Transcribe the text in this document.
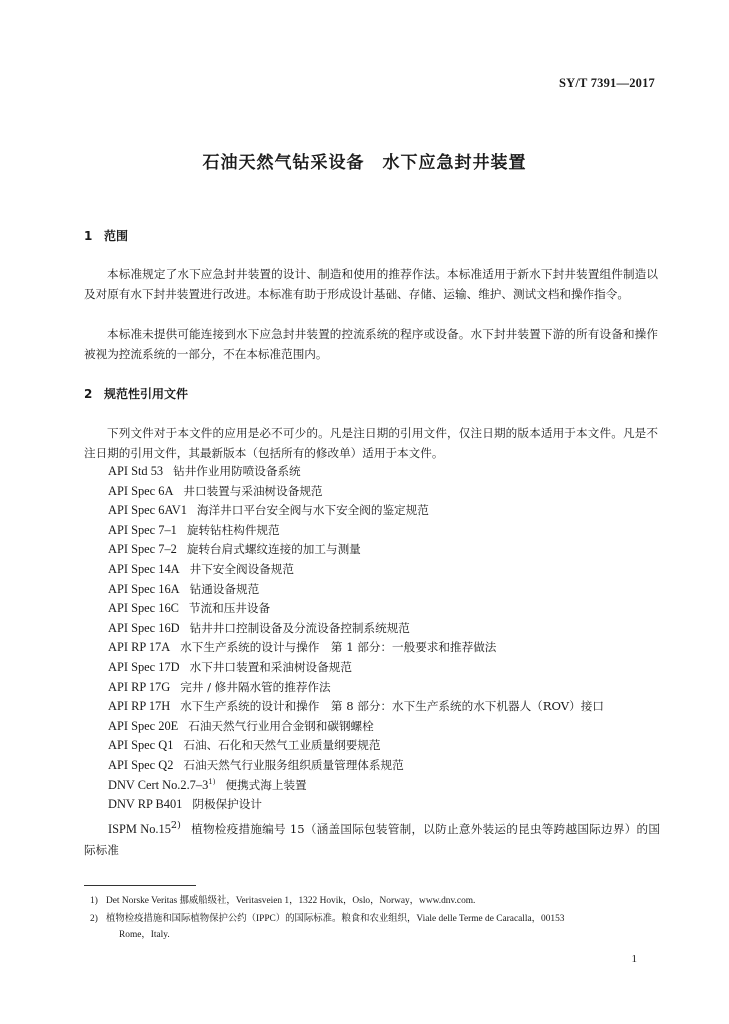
SY/T 7391—2017
石油天然气钻采设备 水下应急封井装置
1 范围

本标准规定了水下应急封井装置的设计、制造和使用的推荐作法。本标准适用于新水下封井装置组件制造以及对原有水下封井装置进行改进。本标准有助于形成设计基础、存储、运输、维护、测试文档和操作指令。

本标准未提供可能连接到水下应急封井装置的控流系统的程序或设备。水下封井装置下游的所有设备和操作被视为控流系统的一部分，不在本标准范围内。

2 规范性引用文件

下列文件对于本文件的应用是必不可少的。凡是注日期的引用文件，仅注日期的版本适用于本文件。凡是不注日期的引用文件，其最新版本（包括所有的修改单）适用于本文件。

API Std 53 钻井作业用防喷设备系统
API Spec 6A 井口装置与采油树设备规范
API Spec 6AV1 海洋井口平台安全阀与水下安全阀的鉴定规范
API Spec 7–1 旋转钻柱构件规范
API Spec 7–2 旋转台肩式螺纹连接的加工与测量
API Spec 14A 井下安全阀设备规范
API Spec 16A 钻通设备规范
API Spec 16C 节流和压井设备
API Spec 16D 钻井井口控制设备及分流设备控制系统规范
API RP 17A 水下生产系统的设计与操作　第 1 部分：一般要求和推荐做法
API Spec 17D 水下井口装置和采油树设备规范
API RP 17G 完井 / 修井隔水管的推荐作法
API RP 17H 水下生产系统的设计和操作　第 8 部分：水下生产系统的水下机器人（ROV）接口
API Spec 20E 石油天然气行业用合金钢和碳钢螺栓
API Spec Q1 石油、石化和天然气工业质量纲要规范
API Spec Q2 石油天然气行业服务组织质量管理体系规范
DNV Cert No.2.7–3$^{1)}$ 便携式海上装置
DNV RP B401 阴极保护设计

ISPM No.15$^{2)}$ 植物检疫措施编号 15（涵盖国际包装管制，以防止意外装运的昆虫等跨越国际边界）的国际标准

1) Det Norske Veritas 挪威船级社，Veritasveien 1，1322 Hovik，Oslo，Norway，www.dnv.com.
2) 植物检疫措施和国际植物保护公约（IPPC）的国际标准。粮食和农业组织，Viale delle Terme de Caracalla，00153
Rome，Italy.
1
